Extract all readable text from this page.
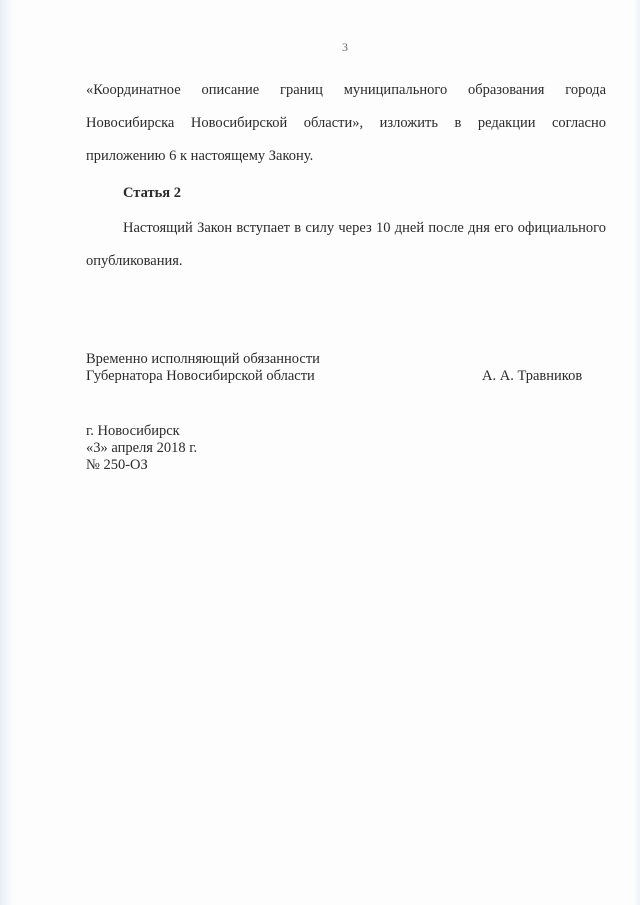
3

«Координатное описание границ муниципального образования города Новосибирска Новосибирской области», изложить в редакции согласно приложению 6 к настоящему Закону.

Статья 2

Настоящий Закон вступает в силу через 10 дней после дня его официального опубликования.

Временно исполняющий обязанности
Губернатора Новосибирской области	А. А. Травников
г. Новосибирск
«3» апреля 2018 г.
№ 250-ОЗ
